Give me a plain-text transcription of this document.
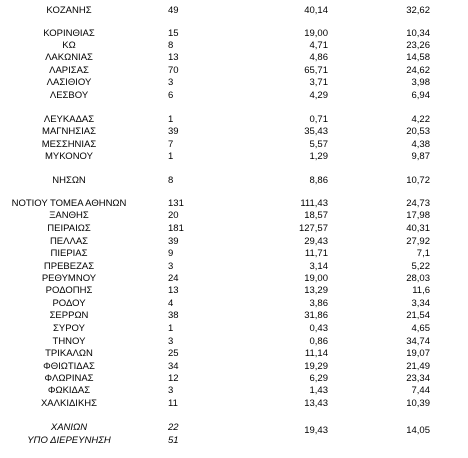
ΚΟΖΑΝΗΣ	49	40,14	32,62
ΚΟΡΙΝΘΙΑΣ	15	19,00	10,34
ΚΩ	8	4,71	23,26
ΛΑΚΩΝΙΑΣ	13	4,86	14,58
ΛΑΡΙΣΑΣ	70	65,71	24,62
ΛΑΣΙΘΙΟΥ	3	3,71	3,98
ΛΕΣΒΟΥ	6	4,29	6,94
ΛΕΥΚΑΔΑΣ	1	0,71	4,22
ΜΑΓΝΗΣΙΑΣ	39	35,43	20,53
ΜΕΣΣΗΝΙΑΣ	7	5,57	4,38
ΜΥΚΟΝΟΥ	1	1,29	9,87
ΝΗΣΩΝ	8	8,86	10,72
ΝΟΤΙΟΥ ΤΟΜΕΑ ΑΘΗΝΩΝ	131	111,43	24,73
ΞΑΝΘΗΣ	20	18,57	17,98
ΠΕΙΡΑΙΩΣ	181	127,57	40,31
ΠΕΛΛΑΣ	39	29,43	27,92
ΠΙΕΡΙΑΣ	9	11,71	7,1
ΠΡΕΒΕΖΑΣ	3	3,14	5,22
ΡΕΘΥΜΝΟΥ	24	19,00	28,03
ΡΟΔΟΠΗΣ	13	13,29	11,6
ΡΟΔΟΥ	4	3,86	3,34
ΣΕΡΡΩΝ	38	31,86	21,54
ΣΥΡΟΥ	1	0,43	4,65
ΤΗΝΟΥ	3	0,86	34,74
ΤΡΙΚΑΛΩΝ	25	11,14	19,07
ΦΘΙΩΤΙΔΑΣ	34	19,29	21,49
ΦΛΩΡΙΝΑΣ	12	6,29	23,34
ΦΩΚΙΔΑΣ	3	1,43	7,44
ΧΑΛΚΙΔΙΚΗΣ	11	13,43	10,39
ΧΑΝΙΩΝ	22	19,43	14,05
ΥΠΟ ΔΙΕΡΕΥΝΗΣΗ	51
